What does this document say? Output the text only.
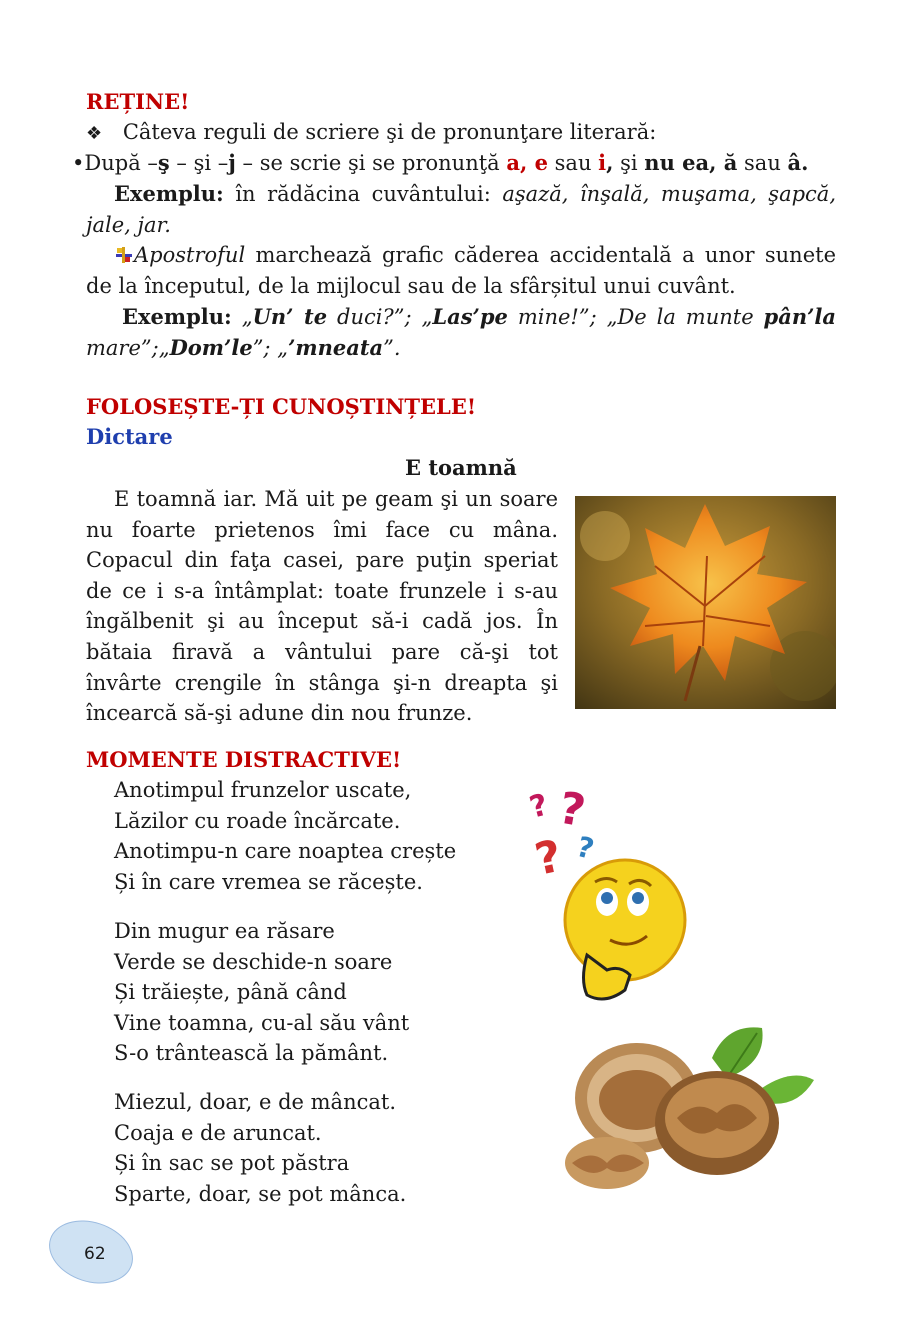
REȚINE!
❖ Câteva reguli de scriere şi de pronunţare literară:
•După –ş – şi –j – se scrie şi se pronunţă a, e sau i, şi nu ea, ă sau â.
Exemplu: în rădăcina cuvântului: aşază, înşală, muşama, şapcă,
jale, jar.
Apostroful marchează grafic căderea accidentală a unor sunete
de la începutul, de la mijlocul sau de la sfârșitul unui cuvânt.
Exemplu: „Un’ te duci?”; „Las’pe mine!”; „De la munte pân’la
mare”;„Dom’le”; „’mneata”.
FOLOSEȘTE-ȚI CUNOȘTINȚELE!
Dictare
E toamnă
E toamnă iar. Mă uit pe geam şi un soare
nu foarte prietenos îmi face cu mâna.
Copacul din faţa casei, pare puţin speriat
de ce i s-a întâmplat: toate frunzele i s-au
îngălbenit şi au început să-i cadă jos. În
bătaia firavă a vântului pare că-şi tot
învârte crengile în stânga şi-n dreapta şi
încearcă să-şi adune din nou frunze.
MOMENTE DISTRACTIVE!
Anotimpul frunzelor uscate,
Lăzilor cu roade încărcate.
Anotimpu-n care noaptea crește
Și în care vremea se răcește.
Din mugur ea răsare
Verde se deschide-n soare
Și trăiește, până când
Vine toamna, cu-al său vânt
S-o trântească la pământ.
Miezul, doar, e de mâncat.
Coaja e de aruncat.
Și în sac se pot păstra
Sparte, doar, se pot mânca.
? ?
? ?
62
